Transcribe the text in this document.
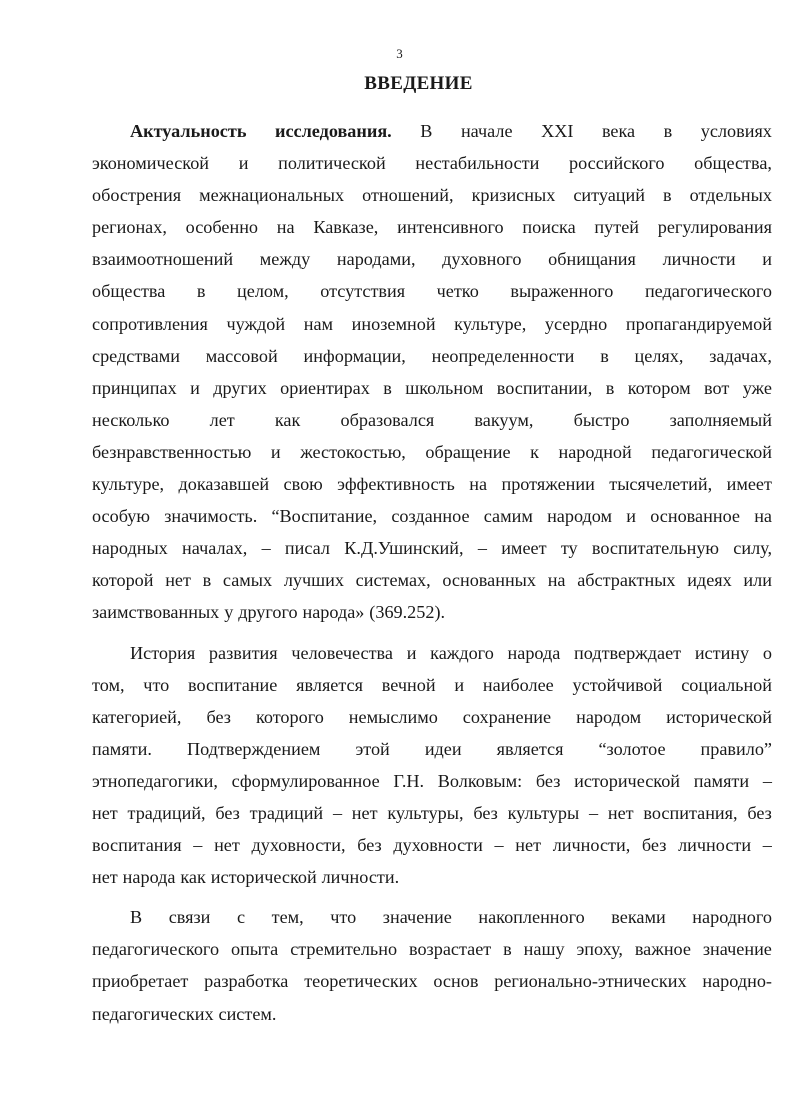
3
ВВЕДЕНИЕ
Актуальность исследования. В начале XXI века в условиях
экономической и политической нестабильности российского общества,
обострения межнациональных отношений, кризисных ситуаций в отдельных
регионах, особенно на Кавказе, интенсивного поиска путей регулирования
взаимоотношений между народами, духовного обнищания личности и
общества в целом, отсутствия четко выраженного педагогического
сопротивления чуждой нам иноземной культуре, усердно пропагандируемой
средствами массовой информации, неопределенности в целях, задачах,
принципах и других ориентирах в школьном воспитании, в котором вот уже
несколько лет как образовался вакуум, быстро заполняемый
безнравственностью и жестокостью, обращение к народной педагогической
культуре, доказавшей свою эффективность на протяжении тысячелетий, имеет
особую значимость. “Воспитание, созданное самим народом и основанное на
народных началах, – писал К.Д.Ушинский, – имеет ту воспитательную силу,
которой нет в самых лучших системах, основанных на абстрактных идеях или
заимствованных у другого народа» (369.252).
История развития человечества и каждого народа подтверждает истину о
том, что воспитание является вечной и наиболее устойчивой социальной
категорией, без которого немыслимо сохранение народом исторической
памяти. Подтверждением этой идеи является “золотое правило”
этнопедагогики, сформулированное Г.Н. Волковым: без исторической памяти –
нет традиций, без традиций – нет культуры, без культуры – нет воспитания, без
воспитания – нет духовности, без духовности – нет личности, без личности –
нет народа как исторической личности.
В связи с тем, что значение накопленного веками народного
педагогического опыта стремительно возрастает в нашу эпоху, важное значение
приобретает разработка теоретических основ регионально-этнических народно-
педагогических систем.
